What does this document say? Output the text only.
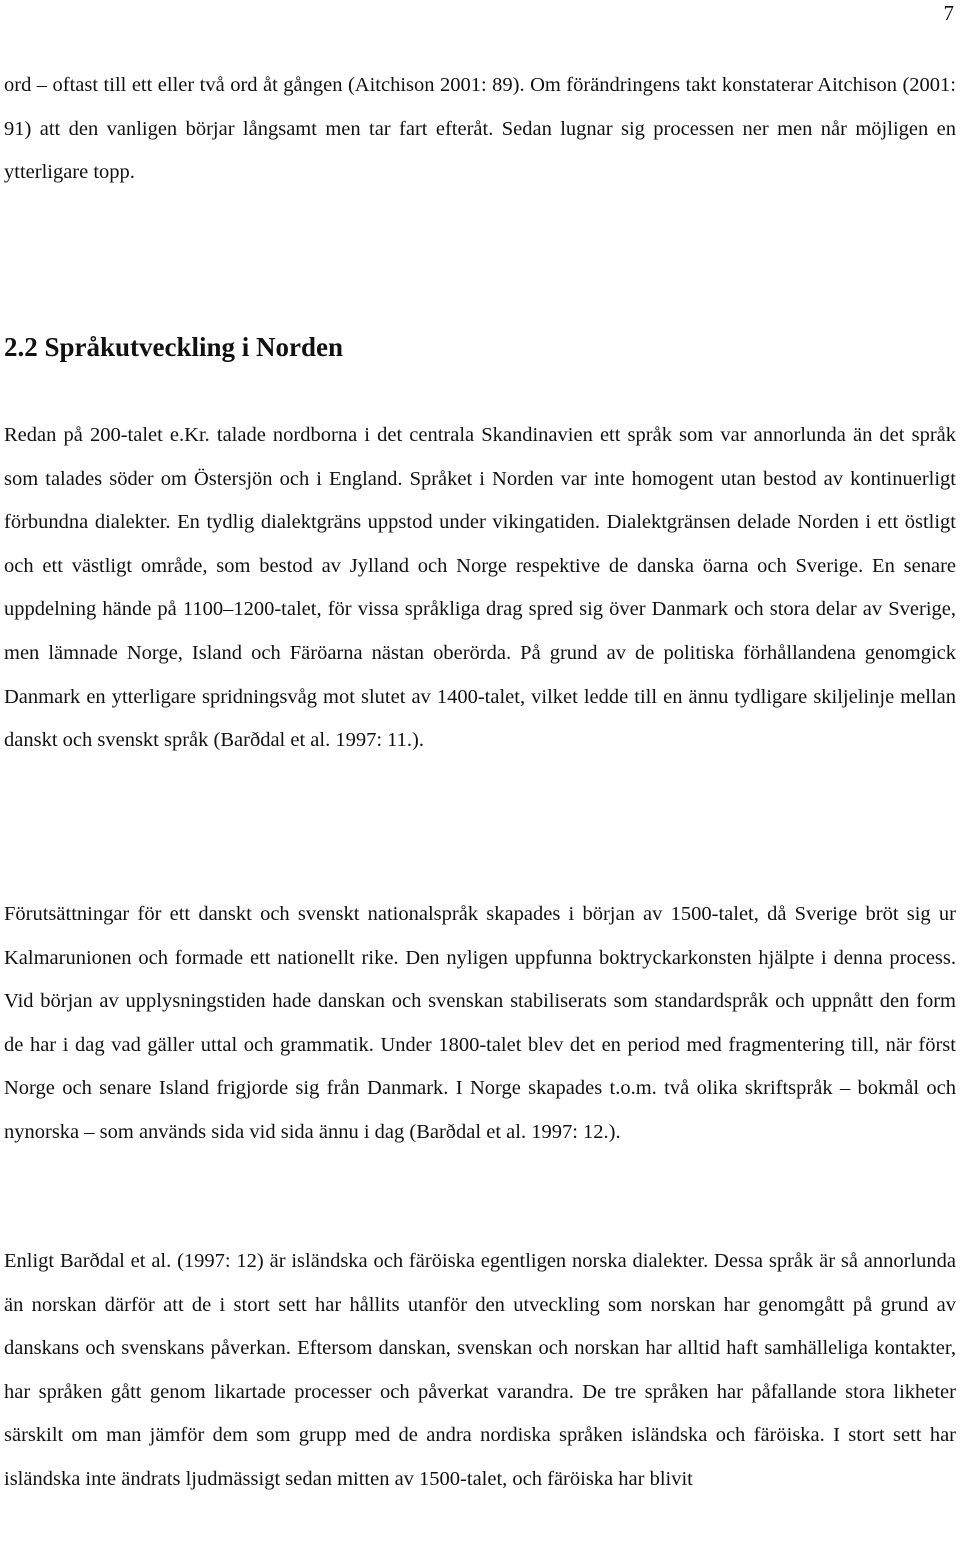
7

ord – oftast till ett eller två ord åt gången (Aitchison 2001: 89). Om förändringens takt konstaterar Aitchison (2001: 91) att den vanligen börjar långsamt men tar fart efteråt. Sedan lugnar sig processen ner men når möjligen en ytterligare topp.

2.2 Språkutveckling i Norden

Redan på 200-talet e.Kr. talade nordborna i det centrala Skandinavien ett språk som var annorlunda än det språk som talades söder om Östersjön och i England. Språket i Norden var inte homogent utan bestod av kontinuerligt förbundna dialekter. En tydlig dialektgräns uppstod under vikingatiden. Dialektgränsen delade Norden i ett östligt och ett västligt område, som bestod av Jylland och Norge respektive de danska öarna och Sverige. En senare uppdelning hände på 1100–1200-talet, för vissa språkliga drag spred sig över Danmark och stora delar av Sverige, men lämnade Norge, Island och Färöarna nästan oberörda. På grund av de politiska förhållandena genomgick Danmark en ytterligare spridningsvåg mot slutet av 1400-talet, vilket ledde till en ännu tydligare skiljelinje mellan danskt och svenskt språk (Barðdal et al. 1997: 11.).

Förutsättningar för ett danskt och svenskt nationalspråk skapades i början av 1500-talet, då Sverige bröt sig ur Kalmarunionen och formade ett nationellt rike. Den nyligen uppfunna boktryckarkonsten hjälpte i denna process. Vid början av upplysningstiden hade danskan och svenskan stabiliserats som standardspråk och uppnått den form de har i dag vad gäller uttal och grammatik. Under 1800-talet blev det en period med fragmentering till, när först Norge och senare Island frigjorde sig från Danmark. I Norge skapades t.o.m. två olika skriftspråk – bokmål och nynorska – som används sida vid sida ännu i dag (Barðdal et al. 1997: 12.).

Enligt Barðdal et al. (1997: 12) är isländska och färöiska egentligen norska dialekter. Dessa språk är så annorlunda än norskan därför att de i stort sett har hållits utanför den utveckling som norskan har genomgått på grund av danskans och svenskans påverkan. Eftersom danskan, svenskan och norskan har alltid haft samhälleliga kontakter, har språken gått genom likartade processer och påverkat varandra. De tre språken har påfallande stora likheter särskilt om man jämför dem som grupp med de andra nordiska språken isländska och färöiska. I stort sett har isländska inte ändrats ljudmässigt sedan mitten av 1500-talet, och färöiska har blivit
